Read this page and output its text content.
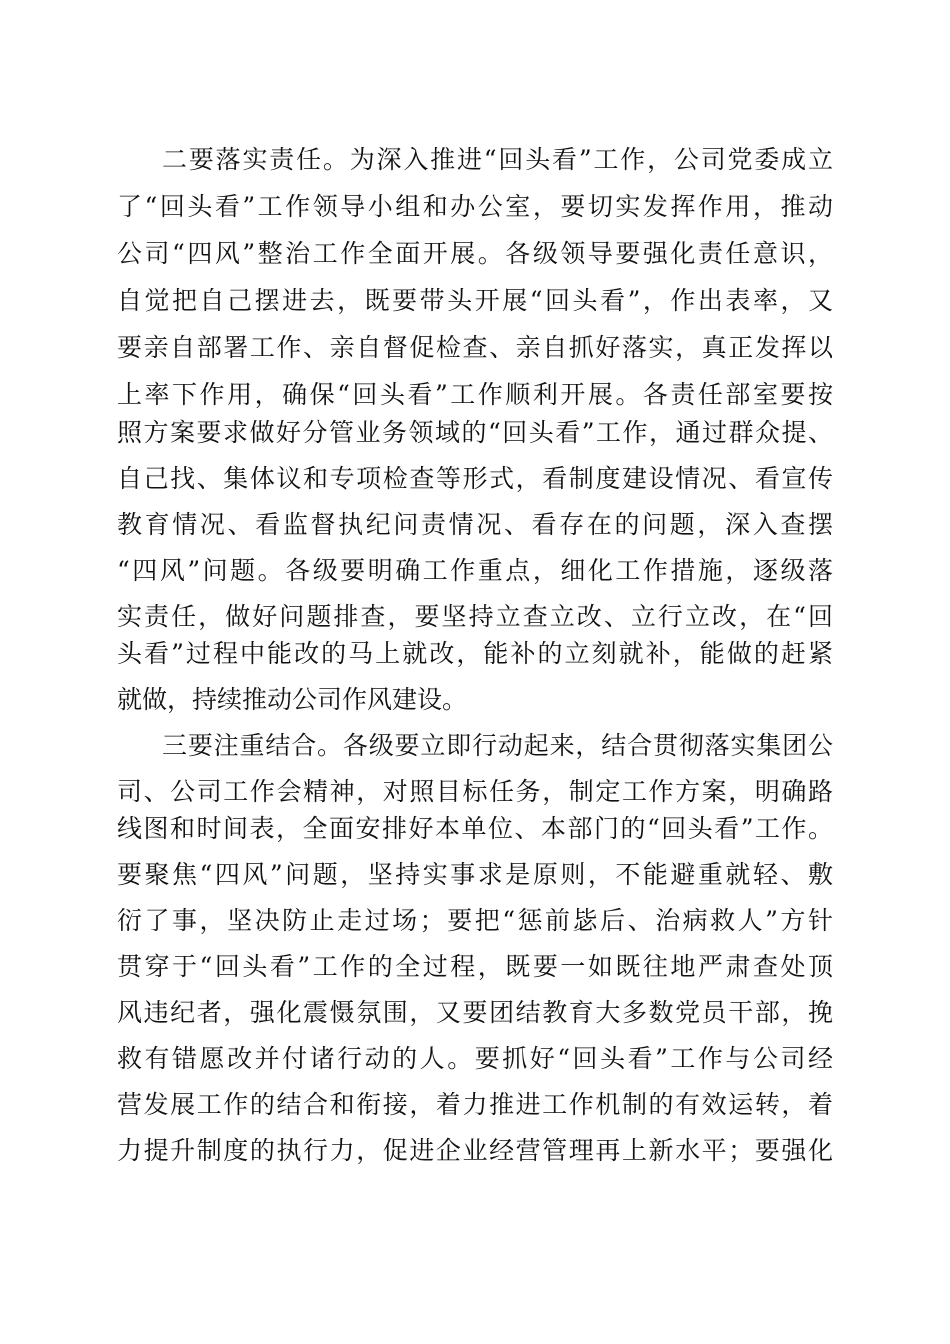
二要落实责任。为深入推进“回头看”工作，公司党委成立
了“回头看”工作领导小组和办公室，要切实发挥作用，推动
公司“四风”整治工作全面开展。各级领导要强化责任意识，
自觉把自己摆进去，既要带头开展“回头看”，作出表率，又
要亲自部署工作、亲自督促检查、亲自抓好落实，真正发挥以
上率下作用，确保“回头看”工作顺利开展。各责任部室要按
照方案要求做好分管业务领域的“回头看”工作，通过群众提、
自己找、集体议和专项检查等形式，看制度建设情况、看宣传
教育情况、看监督执纪问责情况、看存在的问题，深入查摆
“四风”问题。各级要明确工作重点，细化工作措施，逐级落
实责任，做好问题排查，要坚持立查立改、立行立改，在“回
头看”过程中能改的马上就改，能补的立刻就补，能做的赶紧
就做，持续推动公司作风建设。
三要注重结合。各级要立即行动起来，结合贯彻落实集团公
司、公司工作会精神，对照目标任务，制定工作方案，明确路
线图和时间表，全面安排好本单位、本部门的“回头看”工作。
要聚焦“四风”问题，坚持实事求是原则，不能避重就轻、敷
衍了事，坚决防止走过场；要把“惩前毖后、治病救人”方针
贯穿于“回头看”工作的全过程，既要一如既往地严肃查处顶
风违纪者，强化震慑氛围，又要团结教育大多数党员干部，挽
救有错愿改并付诸行动的人。要抓好“回头看”工作与公司经
营发展工作的结合和衔接，着力推进工作机制的有效运转，着
力提升制度的执行力，促进企业经营管理再上新水平；要强化
